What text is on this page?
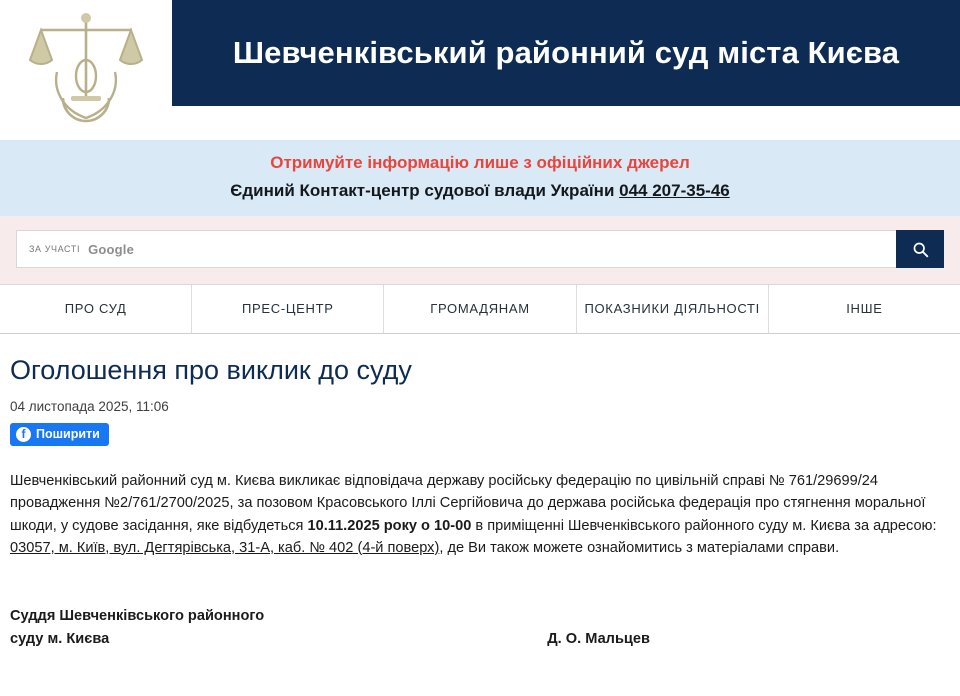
Шевченківський районний суд міста Києва
Отримуйте інформацію лише з офіційних джерел
Єдиний Контакт-центр судової влади України 044 207-35-46
ЗА УЧАСТІ Google
ПРО СУД	ПРЕС-ЦЕНТР	ГРОМАДЯНАМ	ПОКАЗНИКИ ДІЯЛЬНОСТІ	ІНШЕ
Оголошення про виклик до суду
04 листопада 2025, 11:06
f Поширити

Шевченківський районний суд м. Києва викликає відповідача державу російську федерацію по цивільній справі № 761/29699/24 провадження №2/761/2700/2025, за позовом Красовського Іллі Сергійовича до держава російська федерація про стягнення моральної шкоди, у судове засідання, яке відбудеться 10.11.2025 року о 10-00 в приміщенні Шевченківського районного суду м. Києва за адресою: 03057, м. Київ, вул. Дегтярівська, 31-А, каб. № 402 (4-й поверх), де Ви також можете ознайомитись з матеріалами справи.

Суддя Шевченківського районного
суду м. Києва	Д. О. Мальцев
